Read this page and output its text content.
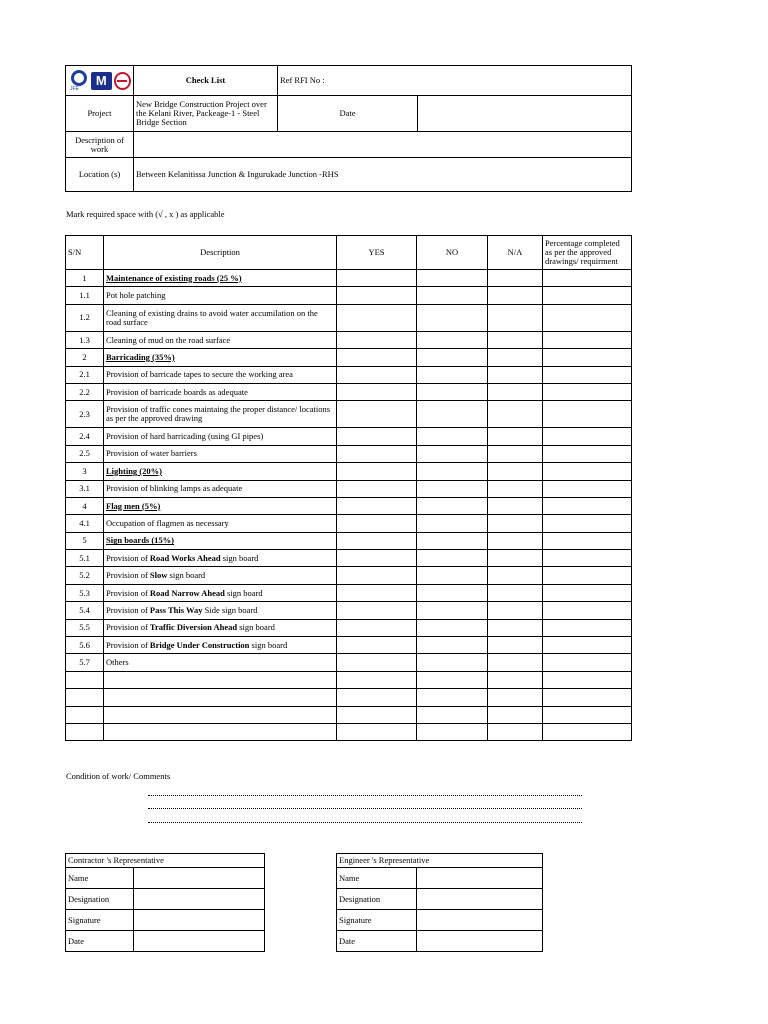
JFE
M	Check List	Ref RFI No :	
Project	New Bridge Construction Project over the Kelani River, Packeage-1 - Steel Bridge Section	Date	
Description of work			
Location (s)	Between Kelanitissa Junction & Ingurukade Junction -RHS		
Mark required space with (√ , x ) as applicable
S/N	Description	YES	NO	N/A	Percentage completed as per the approved drawings/ requirment
1	Maintenance of existing roads (25 %)				
1.1	Pot hole patching				
1.2	Cleaning of existing drains to avoid water accumilation on the road surface				
1.3	Cleaning of mud on the road surface				
2	Barricading (35%)				
2.1	Provision of barricade tapes to secure the working area				
2.2	Provision of barricade boards as adequate				
2.3	Provision of traffic cones maintaing the proper distance/ locations as per the approved drawing				
2.4	Provision of hard barricading (using GI pipes)				
2.5	Provision of water barriers				
3	Lighting (20%)				
3.1	Provision of blinking lamps as adequate				
4	Flag men (5%)				
4.1	Occupation of flagmen as necessary				
5	Sign boards (15%)				
5.1	Provision of Road Works Ahead sign board				
5.2	Provision of Slow sign board				
5.3	Provision of Road Narrow Ahead sign board				
5.4	Provision of Pass This Way Side sign board				
5.5	Provision of Traffic Diversion Ahead sign board				
5.6	Provision of Bridge Under Construction sign board				
5.7	Others				

Condition of work/ Comments
Contractor 's Representative	
Name	
Designation	
Signature	
Date	
Engineer 's Representative	
Name	
Designation	
Signature	
Date	
